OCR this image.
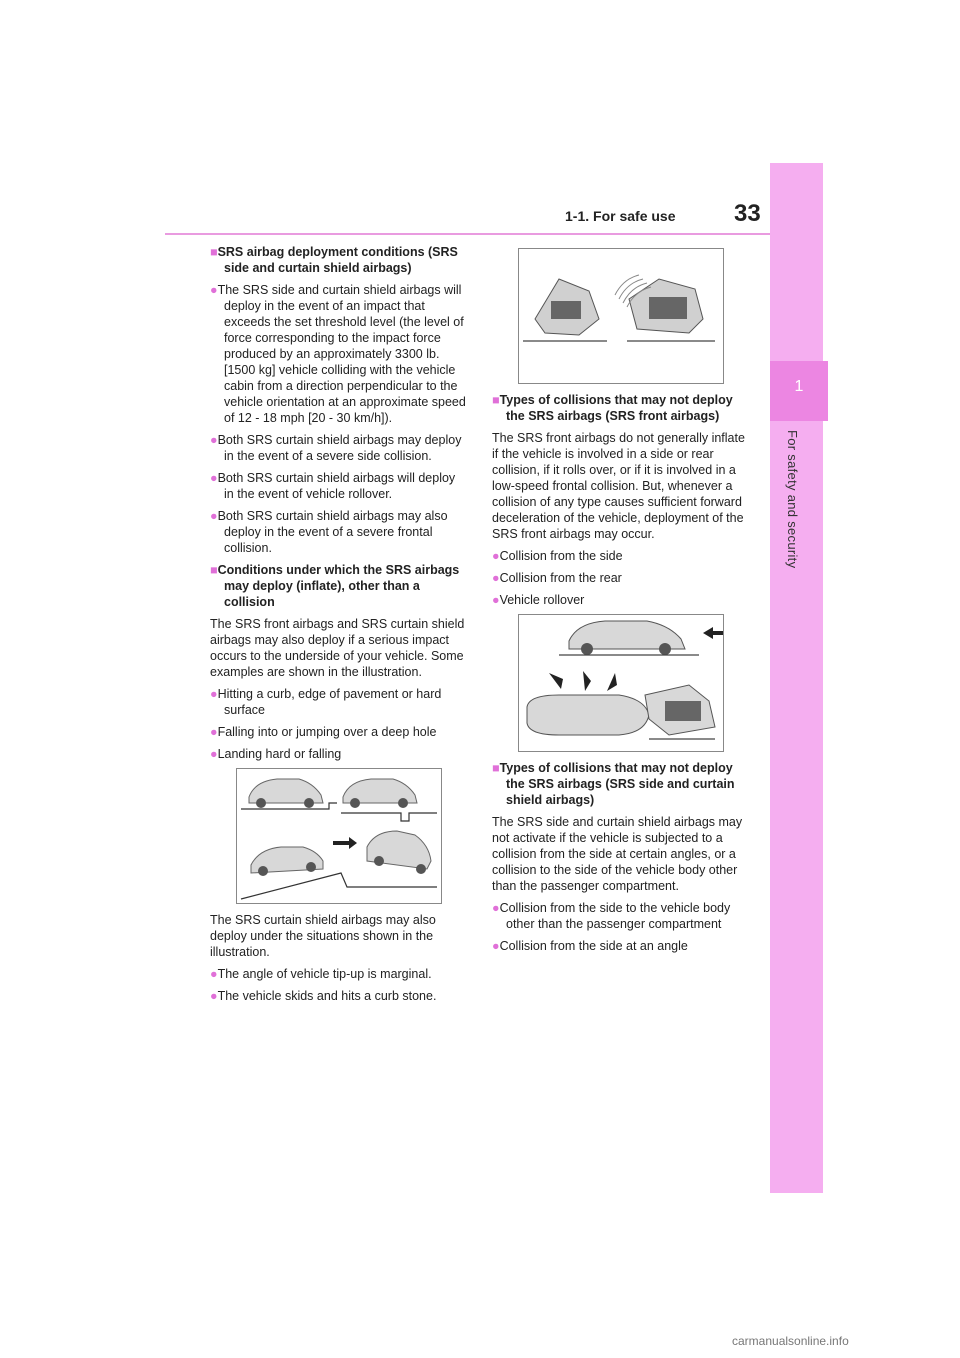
1-1. For safe use 33
1
For safety and security
■SRS airbag deployment conditions (SRS side and curtain shield airbags)
●The SRS side and curtain shield airbags will deploy in the event of an impact that exceeds the set threshold level (the level of force corresponding to the impact force produced by an approximately 3300 lb. [1500 kg] vehicle colliding with the vehicle cabin from a direction perpendicular to the vehicle orientation at an approximate speed of 12 - 18 mph [20 - 30 km/h]).
●Both SRS curtain shield airbags may deploy in the event of a severe side collision.
●Both SRS curtain shield airbags will deploy in the event of vehicle rollover.
●Both SRS curtain shield airbags may also deploy in the event of a severe frontal collision.
■Conditions under which the SRS airbags may deploy (inflate), other than a collision

The SRS front airbags and SRS curtain shield airbags may also deploy if a serious impact occurs to the underside of your vehicle. Some examples are shown in the illustration.

●Hitting a curb, edge of pavement or hard surface
●Falling into or jumping over a deep hole
●Landing hard or falling

The SRS curtain shield airbags may also deploy under the situations shown in the illustration.

●The angle of vehicle tip-up is marginal.
●The vehicle skids and hits a curb stone.
■Types of collisions that may not deploy the SRS airbags (SRS front airbags)

The SRS front airbags do not generally inflate if the vehicle is involved in a side or rear collision, if it rolls over, or if it is involved in a low-speed frontal collision. But, whenever a collision of any type causes sufficient forward deceleration of the vehicle, deployment of the SRS front airbags may occur.

●Collision from the side
●Collision from the rear
●Vehicle rollover
■Types of collisions that may not deploy the SRS airbags (SRS side and curtain shield airbags)

The SRS side and curtain shield airbags may not activate if the vehicle is subjected to a collision from the side at certain angles, or a collision to the side of the vehicle body other than the passenger compartment.

●Collision from the side to the vehicle body other than the passenger compartment
●Collision from the side at an angle
carmanualsonline.info
